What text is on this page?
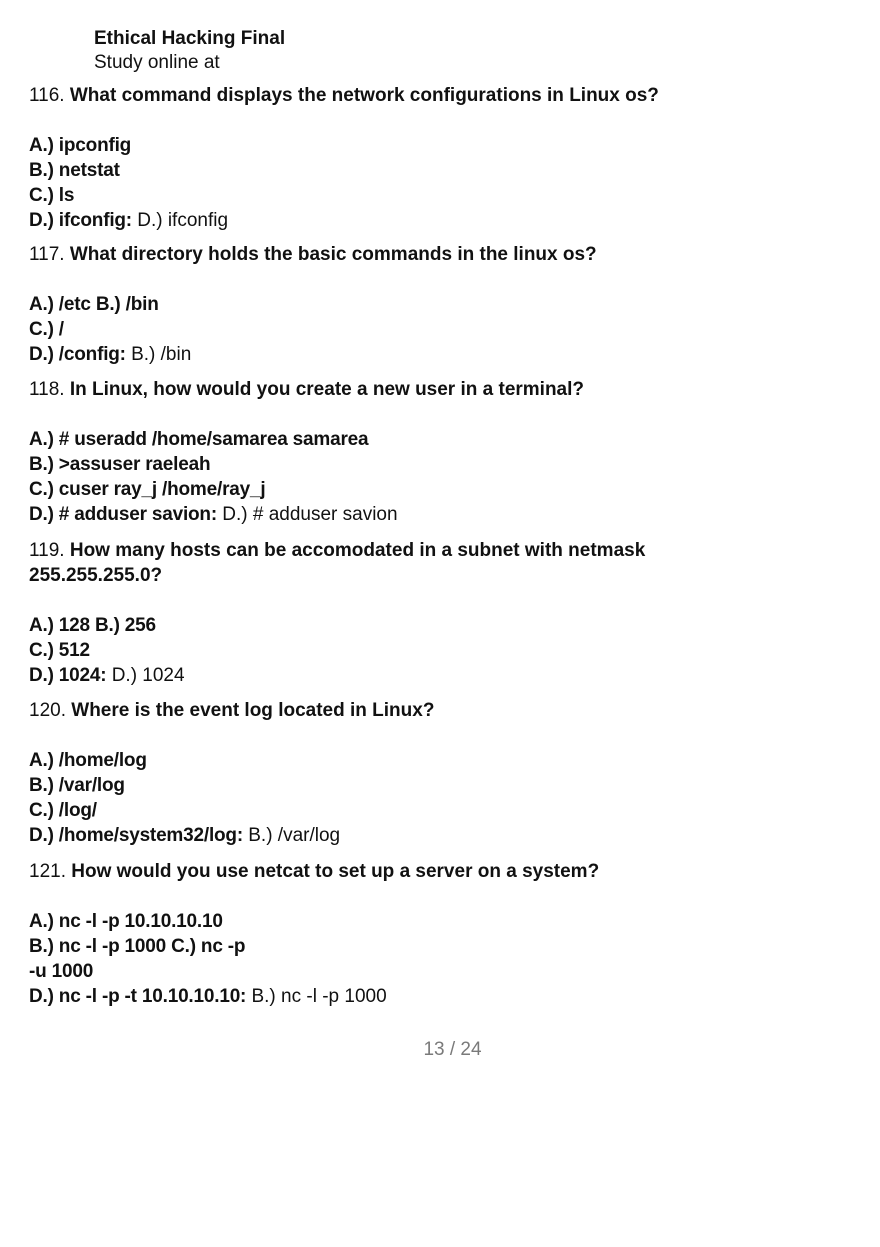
Ethical Hacking Final
Study online at
116. What command displays the network configurations in Linux os?
A.) ipconfig
B.) netstat
C.) ls
D.) ifconfig: D.) ifconfig
117. What directory holds the basic commands in the linux os?
A.) /etc B.) /bin
C.) /
D.) /config: B.) /bin
118. In Linux, how would you create a new user in a terminal?
A.) # useradd /home/samarea samarea
B.) >assuser raeleah
C.) cuser ray_j /home/ray_j
D.) # adduser savion: D.) # adduser savion
119. How many hosts can be accomodated in a subnet with netmask
255.255.255.0?
A.) 128 B.) 256
C.) 512
D.) 1024: D.) 1024
120. Where is the event log located in Linux?
A.) /home/log
B.) /var/log
C.) /log/
D.) /home/system32/log: B.) /var/log
121. How would you use netcat to set up a server on a system?
A.) nc -l -p 10.10.10.10
B.) nc -l -p 1000 C.) nc -p
-u 1000
D.) nc -l -p -t 10.10.10.10: B.) nc -l -p 1000
13 / 24
